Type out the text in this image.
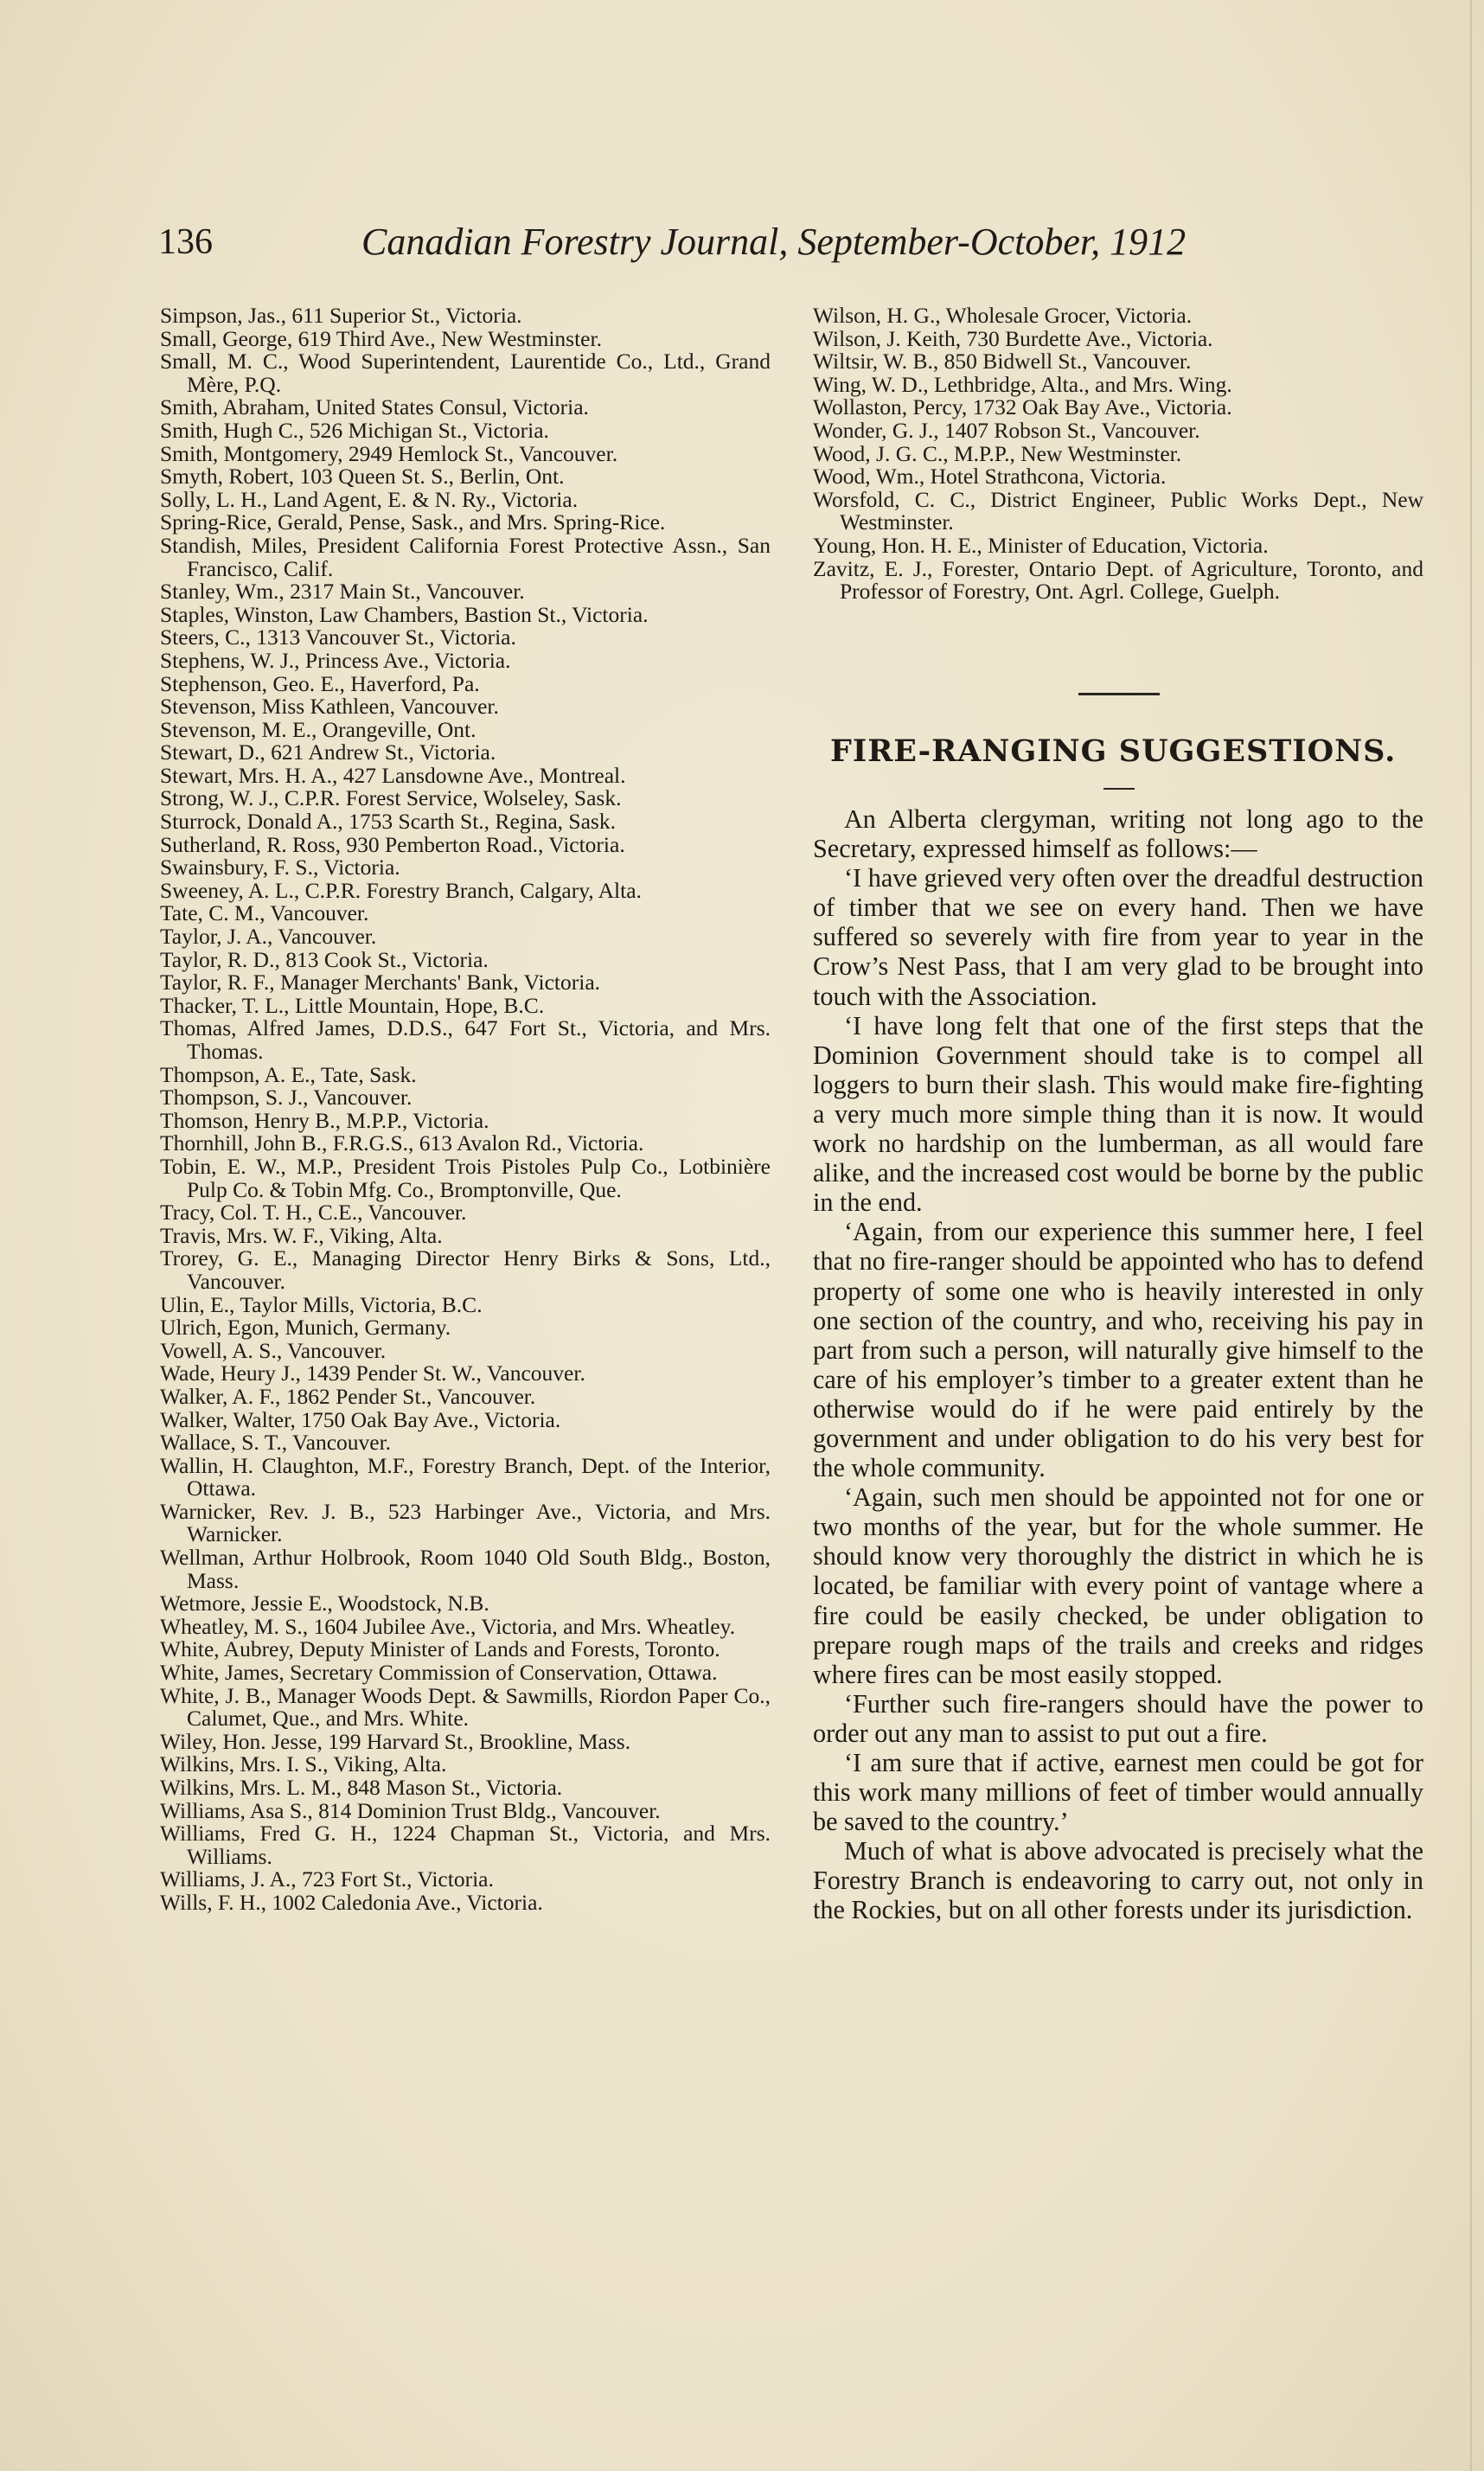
136	Canadian Forestry Journal, September-October, 1912

Simpson, Jas., 611 Superior St., Victoria.

Small, George, 619 Third Ave., New Westminster.

Small, M. C., Wood Superintendent, Laurentide Co., Ltd., Grand Mère, P.Q.

Smith, Abraham, United States Consul, Victoria.

Smith, Hugh C., 526 Michigan St., Victoria.

Smith, Montgomery, 2949 Hemlock St., Vancouver.

Smyth, Robert, 103 Queen St. S., Berlin, Ont.

Solly, L. H., Land Agent, E. & N. Ry., Victoria.

Spring-Rice, Gerald, Pense, Sask., and Mrs. Spring-Rice.

Standish, Miles, President California Forest Protective Assn., San Francisco, Calif.

Stanley, Wm., 2317 Main St., Vancouver.

Staples, Winston, Law Chambers, Bastion St., Victoria.

Steers, C., 1313 Vancouver St., Victoria.

Stephens, W. J., Princess Ave., Victoria.

Stephenson, Geo. E., Haverford, Pa.

Stevenson, Miss Kathleen, Vancouver.

Stevenson, M. E., Orangeville, Ont.

Stewart, D., 621 Andrew St., Victoria.

Stewart, Mrs. H. A., 427 Lansdowne Ave., Montreal.

Strong, W. J., C.P.R. Forest Service, Wolseley, Sask.

Sturrock, Donald A., 1753 Scarth St., Regina, Sask.

Sutherland, R. Ross, 930 Pemberton Road., Victoria.

Swainsbury, F. S., Victoria.

Sweeney, A. L., C.P.R. Forestry Branch, Calgary, Alta.

Tate, C. M., Vancouver.

Taylor, J. A., Vancouver.

Taylor, R. D., 813 Cook St., Victoria.

Taylor, R. F., Manager Merchants' Bank, Victoria.

Thacker, T. L., Little Mountain, Hope, B.C.

Thomas, Alfred James, D.D.S., 647 Fort St., Victoria, and Mrs. Thomas.

Thompson, A. E., Tate, Sask.

Thompson, S. J., Vancouver.

Thomson, Henry B., M.P.P., Victoria.

Thornhill, John B., F.R.G.S., 613 Avalon Rd., Victoria.

Tobin, E. W., M.P., President Trois Pistoles Pulp Co., Lotbinière Pulp Co. & Tobin Mfg. Co., Bromptonville, Que.

Tracy, Col. T. H., C.E., Vancouver.

Travis, Mrs. W. F., Viking, Alta.

Trorey, G. E., Managing Director Henry Birks & Sons, Ltd., Vancouver.

Ulin, E., Taylor Mills, Victoria, B.C.

Ulrich, Egon, Munich, Germany.

Vowell, A. S., Vancouver.

Wade, Heury J., 1439 Pender St. W., Vancouver.

Walker, A. F., 1862 Pender St., Vancouver.

Walker, Walter, 1750 Oak Bay Ave., Victoria.

Wallace, S. T., Vancouver.

Wallin, H. Claughton, M.F., Forestry Branch, Dept. of the Interior, Ottawa.

Warnicker, Rev. J. B., 523 Harbinger Ave., Victoria, and Mrs. Warnicker.

Wellman, Arthur Holbrook, Room 1040 Old South Bldg., Boston, Mass.

Wetmore, Jessie E., Woodstock, N.B.

Wheatley, M. S., 1604 Jubilee Ave., Victoria, and Mrs. Wheatley.

White, Aubrey, Deputy Minister of Lands and Forests, Toronto.

White, James, Secretary Commission of Conservation, Ottawa.

White, J. B., Manager Woods Dept. & Sawmills, Riordon Paper Co., Calumet, Que., and Mrs. White.

Wiley, Hon. Jesse, 199 Harvard St., Brookline, Mass.

Wilkins, Mrs. I. S., Viking, Alta.

Wilkins, Mrs. L. M., 848 Mason St., Victoria.

Williams, Asa S., 814 Dominion Trust Bldg., Vancouver.

Williams, Fred G. H., 1224 Chapman St., Victoria, and Mrs. Williams.

Williams, J. A., 723 Fort St., Victoria.

Wills, F. H., 1002 Caledonia Ave., Victoria.

Wilson, H. G., Wholesale Grocer, Victoria.

Wilson, J. Keith, 730 Burdette Ave., Victoria.

Wiltsir, W. B., 850 Bidwell St., Vancouver.

Wing, W. D., Lethbridge, Alta., and Mrs. Wing.

Wollaston, Percy, 1732 Oak Bay Ave., Victoria.

Wonder, G. J., 1407 Robson St., Vancouver.

Wood, J. G. C., M.P.P., New Westminster.

Wood, Wm., Hotel Strathcona, Victoria.

Worsfold, C. C., District Engineer, Public Works Dept., New Westminster.

Young, Hon. H. E., Minister of Education, Victoria.

Zavitz, E. J., Forester, Ontario Dept. of Agriculture, Toronto, and Professor of Forestry, Ont. Agrl. College, Guelph.

FIRE-RANGING SUGGESTIONS.

An Alberta clergyman, writing not long ago to the Secretary, expressed himself as follows:—

‘I have grieved very often over the dreadful destruction of timber that we see on every hand. Then we have suffered so severely with fire from year to year in the Crow’s Nest Pass, that I am very glad to be brought into touch with the Association.

‘I have long felt that one of the first steps that the Dominion Government should take is to compel all loggers to burn their slash. This would make fire-fighting a very much more simple thing than it is now. It would work no hardship on the lumberman, as all would fare alike, and the increased cost would be borne by the public in the end.

‘Again, from our experience this summer here, I feel that no fire-ranger should be appointed who has to defend property of some one who is heavily interested in only one section of the country, and who, receiving his pay in part from such a person, will naturally give himself to the care of his employer’s timber to a greater extent than he otherwise would do if he were paid entirely by the government and under obligation to do his very best for the whole community.

‘Again, such men should be appointed not for one or two months of the year, but for the whole summer. He should know very thoroughly the district in which he is located, be familiar with every point of vantage where a fire could be easily checked, be under obligation to prepare rough maps of the trails and creeks and ridges where fires can be most easily stopped.

‘Further such fire-rangers should have the power to order out any man to assist to put out a fire.

‘I am sure that if active, earnest men could be got for this work many millions of feet of timber would annually be saved to the country.’

Much of what is above advocated is precisely what the Forestry Branch is endeavoring to carry out, not only in the Rockies, but on all other forests under its jurisdiction.
